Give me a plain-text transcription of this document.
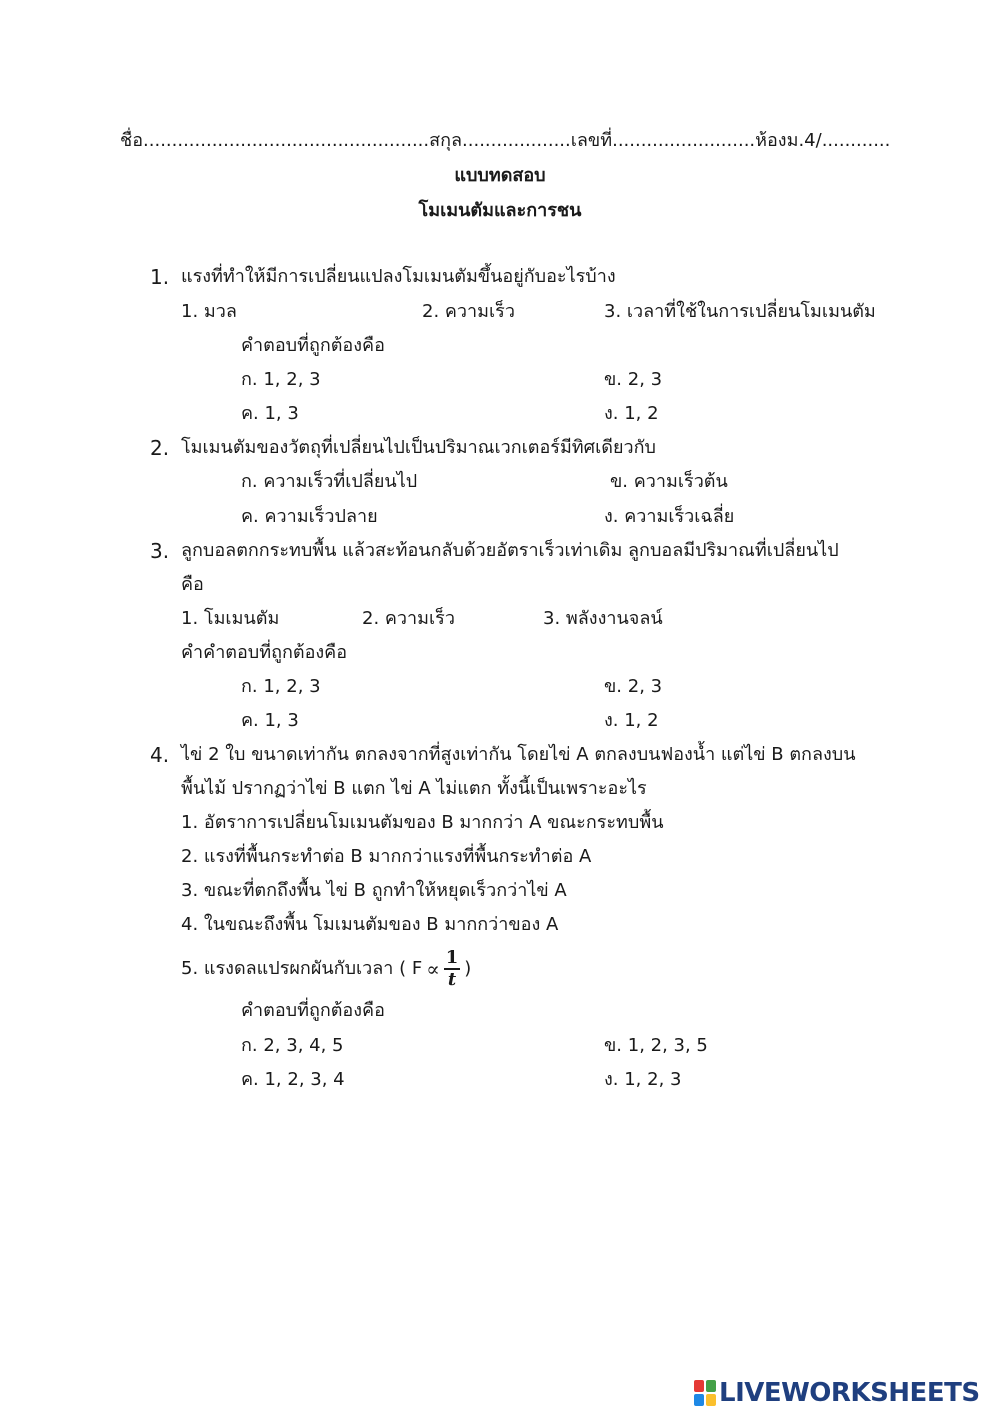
ชื่อ..................................................สกุล...................เลขที่.........................ห้องม.4/............
แบบทดสอบ
โมเมนตัมและการชน
1. แรงที่ทำให้มีการเปลี่ยนแปลงโมเมนตัมขึ้นอยู่กับอะไรบ้าง
1. มวล	2. ความเร็ว	3. เวลาที่ใช้ในการเปลี่ยนโมเมนตัม
คำตอบที่ถูกต้องคือ
ก. 1, 2, 3	ข. 2, 3
ค. 1, 3	ง. 1, 2
2. โมเมนตัมของวัตถุที่เปลี่ยนไปเป็นปริมาณเวกเตอร์มีทิศเดียวกับ
ก. ความเร็วที่เปลี่ยนไป	ข. ความเร็วต้น
ค. ความเร็วปลาย	ง. ความเร็วเฉลี่ย
3. ลูกบอลตกกระทบพื้น แล้วสะท้อนกลับด้วยอัตราเร็วเท่าเดิม ลูกบอลมีปริมาณที่เปลี่ยนไป
คือ
1. โมเมนตัม	2. ความเร็ว	3. พลังงานจลน์
คำคำตอบที่ถูกต้องคือ
ก. 1, 2, 3	ข. 2, 3
ค. 1, 3	ง. 1, 2
4. ไข่ 2 ใบ ขนาดเท่ากัน ตกลงจากที่สูงเท่ากัน โดยไข่ A ตกลงบนฟองน้ำ แต่ไข่ B ตกลงบน
พื้นไม้ ปรากฏว่าไข่ B แตก ไข่ A ไม่แตก ทั้งนี้เป็นเพราะอะไร
1. อัตราการเปลี่ยนโมเมนตัมของ B มากกว่า A ขณะกระทบพื้น
2. แรงที่พื้นกระทำต่อ B มากกว่าแรงที่พื้นกระทำต่อ A
3. ขณะที่ตกถึงพื้น ไข่ B ถูกทำให้หยุดเร็วกว่าไข่ A
4. ในขณะถึงพื้น โมเมนตัมของ B มากกว่าของ A
5. แรงดลแปรผกผันกับเวลา ( $F \propto \frac{1}{t}$ )
คำตอบที่ถูกต้องคือ
ก. 2, 3, 4, 5	ข. 1, 2, 3, 5
ค. 1, 2, 3, 4	ง. 1, 2, 3
LIVEWORKSHEETS
